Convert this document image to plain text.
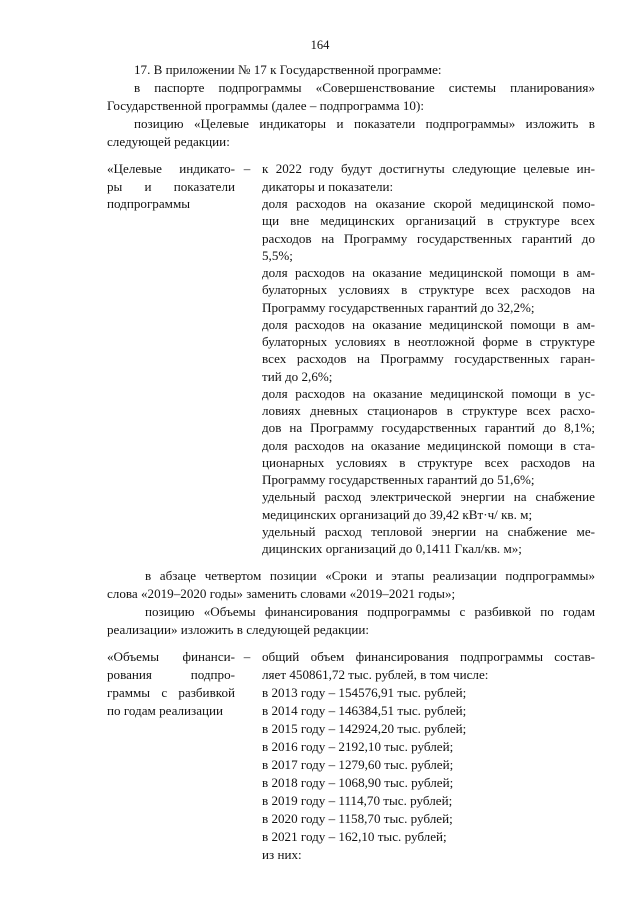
164
17. В приложении № 17 к Государственной программе:
в паспорте подпрограммы «Совершенствование системы планирования»
Государственной программы (далее – подпрограмма 10):
позицию «Целевые индикаторы и показатели подпрограммы» изложить в
следующей редакции:
«Целевые индикато-
ры и показатели
подпрограммы
– к 2022 году будут достигнуты следующие целевые ин-
дикаторы и показатели:
доля расходов на оказание скорой медицинской помо-
щи вне медицинских организаций в структуре всех
расходов на Программу государственных гарантий до
5,5%;
доля расходов на оказание медицинской помощи в ам-
булаторных условиях в структуре всех расходов на
Программу государственных гарантий до 32,2%;
доля расходов на оказание медицинской помощи в ам-
булаторных условиях в неотложной форме в структуре
всех расходов на Программу государственных гаран-
тий до 2,6%;
доля расходов на оказание медицинской помощи в ус-
ловиях дневных стационаров в структуре всех расхо-
дов на Программу государственных гарантий до 8,1%;
доля расходов на оказание медицинской помощи в ста-
ционарных условиях в структуре всех расходов на
Программу государственных гарантий до 51,6%;
удельный расход электрической энергии на снабжение
медицинских организаций до 39,42 кВт·ч/ кв. м;
удельный расход тепловой энергии на снабжение ме-
дицинских организаций до 0,1411 Гкал/кв. м»;
в абзаце четвертом позиции «Сроки и этапы реализации подпрограммы»
слова «2019–2020 годы» заменить словами «2019–2021 годы»;
позицию «Объемы финансирования подпрограммы с разбивкой по годам
реализации» изложить в следующей редакции:
«Объемы финанси-
рования подпро-
граммы с разбивкой
по годам реализации
– общий объем финансирования подпрограммы состав-
ляет 450861,72 тыс. рублей, в том числе:
в 2013 году – 154576,91 тыс. рублей;
в 2014 году – 146384,51 тыс. рублей;
в 2015 году – 142924,20 тыс. рублей;
в 2016 году – 2192,10 тыс. рублей;
в 2017 году – 1279,60 тыс. рублей;
в 2018 году – 1068,90 тыс. рублей;
в 2019 году – 1114,70 тыс. рублей;
в 2020 году – 1158,70 тыс. рублей;
в 2021 году – 162,10 тыс. рублей;
из них:
